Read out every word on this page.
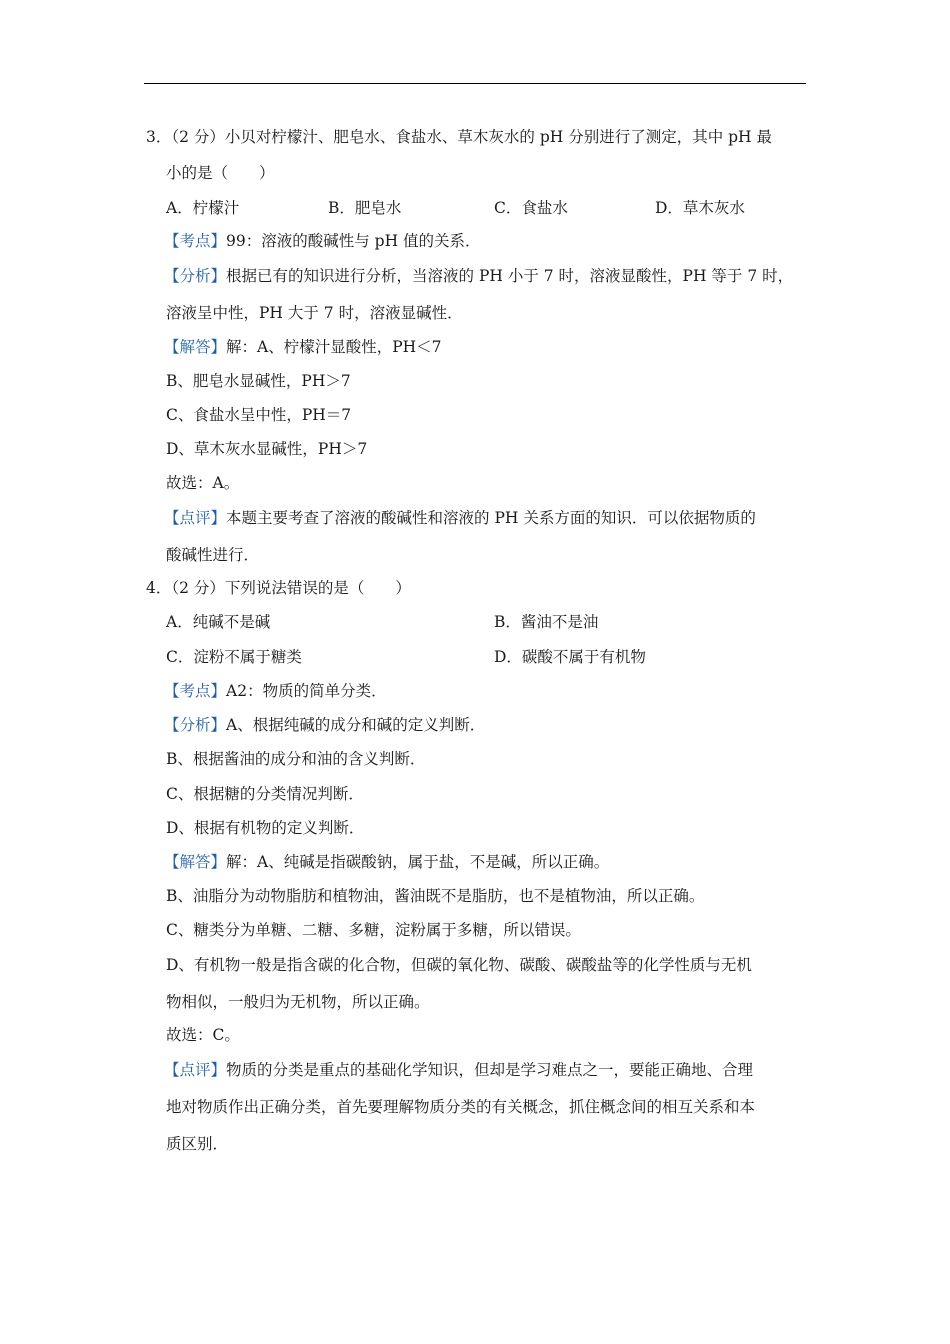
3．（2 分）小贝对柠檬汁、肥皂水、食盐水、草木灰水的 pH 分别进行了测定，其中 pH 最
小的是（　　）
A．柠檬汁	B．肥皂水	C．食盐水	D．草木灰水
【考点】99：溶液的酸碱性与 pH 值的关系．
【分析】根据已有的知识进行分析，当溶液的 PH 小于 7 时，溶液显酸性，PH 等于 7 时，
溶液呈中性，PH 大于 7 时，溶液显碱性．
【解答】解：A、柠檬汁显酸性，PH＜7
B、肥皂水显碱性，PH＞7
C、食盐水呈中性，PH＝7
D、草木灰水显碱性，PH＞7
故选：A。
【点评】本题主要考查了溶液的酸碱性和溶液的 PH 关系方面的知识．可以依据物质的
酸碱性进行．
4．（2 分）下列说法错误的是（　　）
A．纯碱不是碱	B．酱油不是油
C．淀粉不属于糖类	D．碳酸不属于有机物
【考点】A2：物质的简单分类．
【分析】A、根据纯碱的成分和碱的定义判断．
B、根据酱油的成分和油的含义判断．
C、根据糖的分类情况判断．
D、根据有机物的定义判断．
【解答】解：A、纯碱是指碳酸钠，属于盐，不是碱，所以正确。
B、油脂分为动物脂肪和植物油，酱油既不是脂肪，也不是植物油，所以正确。
C、糖类分为单糖、二糖、多糖，淀粉属于多糖，所以错误。
D、有机物一般是指含碳的化合物，但碳的氧化物、碳酸、碳酸盐等的化学性质与无机
物相似，一般归为无机物，所以正确。
故选：C。
【点评】物质的分类是重点的基础化学知识，但却是学习难点之一，要能正确地、合理
地对物质作出正确分类，首先要理解物质分类的有关概念，抓住概念间的相互关系和本
质区别．
